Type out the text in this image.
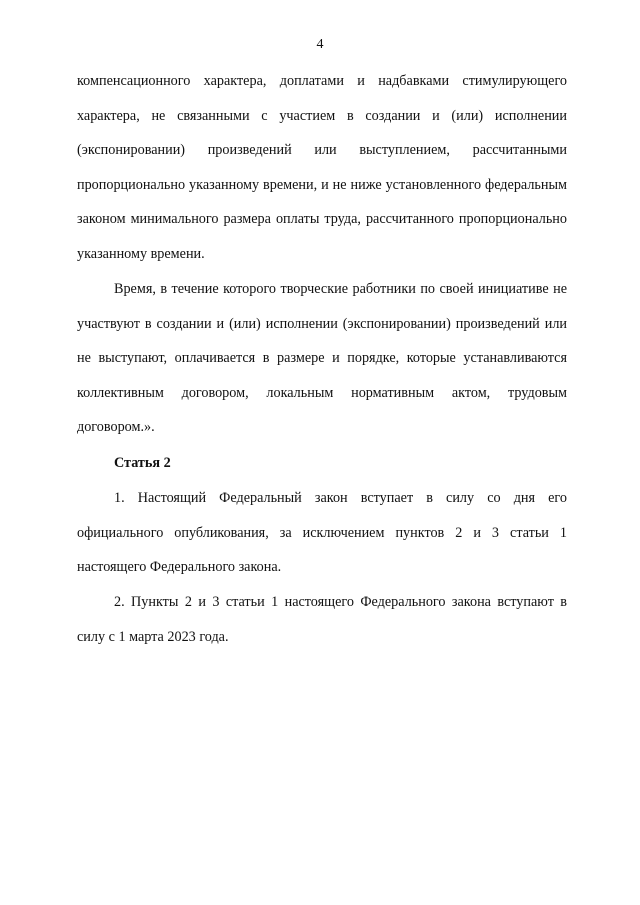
4
компенсационного характера, доплатами и надбавками стимулирующего характера, не связанными с участием в создании и (или) исполнении (экспонировании) произведений или выступлением, рассчитанными пропорционально указанному времени, и не ниже установленного федеральным законом минимального размера оплаты труда, рассчитанного пропорционально указанному времени.
Время, в течение которого творческие работники по своей инициативе не участвуют в создании и (или) исполнении (экспонировании) произведений или не выступают, оплачивается в размере и порядке, которые устанавливаются коллективным договором, локальным нормативным актом, трудовым договором.».
Статья 2
1. Настоящий Федеральный закон вступает в силу со дня его официального опубликования, за исключением пунктов 2 и 3 статьи 1 настоящего Федерального закона.
2. Пункты 2 и 3 статьи 1 настоящего Федерального закона вступают в силу с 1 марта 2023 года.
